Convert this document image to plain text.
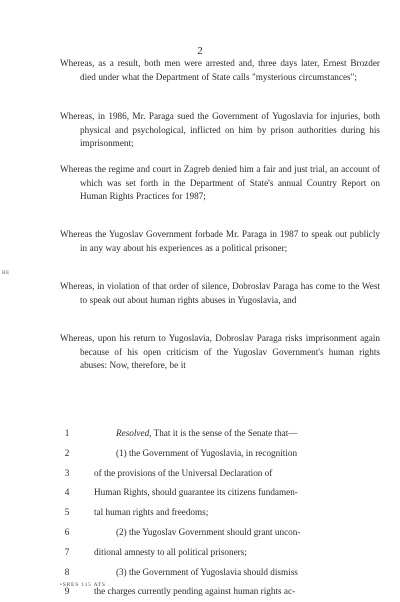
2
HE

Whereas, as a result, both men were arrested and, three days later, Ernest Brozder died under what the Department of State calls "mysterious circumstances";

Whereas, in 1986, Mr. Paraga sued the Government of Yugoslavia for injuries, both physical and psychological, inflicted on him by prison authorities during his imprisonment;

Whereas the regime and court in Zagreb denied him a fair and just trial, an account of which was set forth in the Department of State's annual Country Report on Human Rights Practices for 1987;

Whereas the Yugoslav Government forbade Mr. Paraga in 1987 to speak out publicly in any way about his experiences as a political prisoner;

Whereas, in violation of that order of silence, Dobroslav Paraga has come to the West to speak out about human rights abuses in Yugoslavia, and

Whereas, upon his return to Yugoslavia, Dobroslav Paraga risks imprisonment again because of his open criticism of the Yugoslav Government's human rights abuses: Now, therefore, be it

1	Resolved, That it is the sense of the Senate that—
2	(1) the Government of Yugoslavia, in recognition
3	of the provisions of the Universal Declaration of
4	Human Rights, should guarantee its citizens fundamen-
5	tal human rights and freedoms;
6	(2) the Yugoslav Government should grant uncon-
7	ditional amnesty to all political prisoners;
8	(3) the Government of Yugoslavia should dismiss
9	the charges currently pending against human rights ac-
•SRES 115 ATS
